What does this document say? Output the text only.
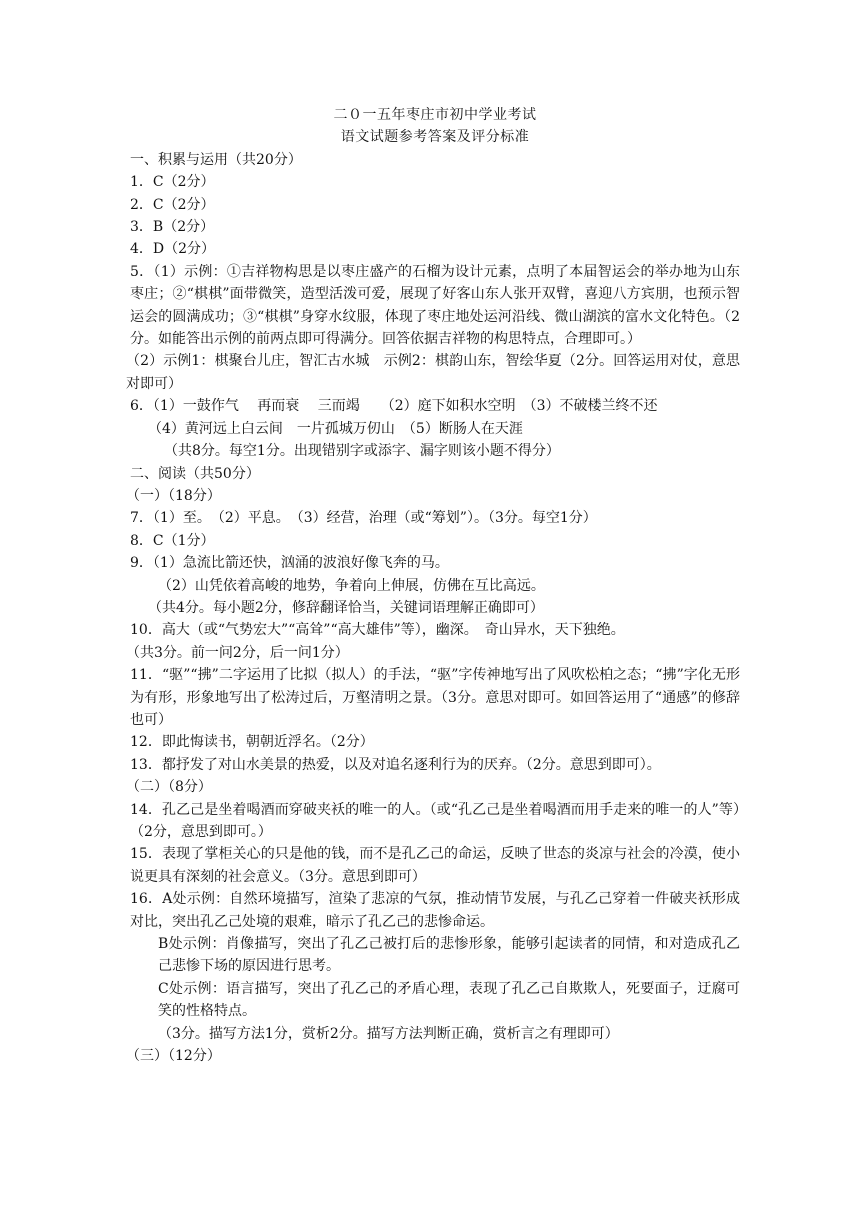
二０一五年枣庄市初中学业考试
语文试题参考答案及评分标准
一、积累与运用（共20分）
1．C（2分）
2．C（2分）
3．B（2分）
4．D（2分）
5．（1）示例：①吉祥物构思是以枣庄盛产的石榴为设计元素，点明了本届智运会的举办地为山东枣庄；②“棋棋”面带微笑，造型活泼可爱，展现了好客山东人张开双臂，喜迎八方宾朋，也预示智运会的圆满成功；③“棋棋”身穿水纹服，体现了枣庄地处运河沿线、微山湖滨的富水文化特色。（2分。如能答出示例的前两点即可得满分。回答依据吉祥物的构思特点，合理即可。）
（2）示例1：棋聚台儿庄，智汇古水城　示例2：棋韵山东，智绘华夏（2分。回答运用对仗，意思对即可）
6．（1）一鼓作气　 再而衰　 三而竭　　（2）庭下如积水空明　（3）不破楼兰终不还
（4）黄河远上白云间　一片孤城万仞山　（5）断肠人在天涯
（共8分。每空1分。出现错别字或添字、漏字则该小题不得分）
二、阅读（共50分）
（一）（18分）
7．（1）至。　（2）平息。　（3）经营，治理（或“筹划”）。（3分。每空1分）
8．C（1分）
9．（1）急流比箭还快，汹涌的波浪好像飞奔的马。
（2）山凭依着高峻的地势，争着向上伸展，仿佛在互比高远。
（共4分。每小题2分，修辞翻译恰当，关键词语理解正确即可）
10．高大（或“气势宏大”“高耸”“高大雄伟”等），幽深。　奇山异水，天下独绝。
（共3分。前一问2分，后一问1分）
11．“驱”“拂”二字运用了比拟（拟人）的手法，“驱”字传神地写出了风吹松柏之态；“拂”字化无形为有形，形象地写出了松涛过后，万壑清明之景。（3分。意思对即可。如回答运用了“通感”的修辞也可）
12．即此悔读书，朝朝近浮名。（2分）
13．都抒发了对山水美景的热爱，以及对追名逐利行为的厌弃。（2分。意思到即可）。
（二）（8分）
14．孔乙己是坐着喝酒而穿破夹袄的唯一的人。（或“孔乙己是坐着喝酒而用手走来的唯一的人”等）（2分，意思到即可。）
15．表现了掌柜关心的只是他的钱，而不是孔乙己的命运，反映了世态的炎凉与社会的冷漠，使小说更具有深刻的社会意义。（3分。意思到即可）
16．A处示例：自然环境描写，渲染了悲凉的气氛，推动情节发展，与孔乙己穿着一件破夹袄形成对比，突出孔乙己处境的艰难，暗示了孔乙己的悲惨命运。
B处示例：肖像描写，突出了孔乙己被打后的悲惨形象，能够引起读者的同情，和对造成孔乙己悲惨下场的原因进行思考。
C处示例：语言描写，突出了孔乙己的矛盾心理，表现了孔乙己自欺欺人，死要面子，迂腐可笑的性格特点。
（3分。描写方法1分，赏析2分。描写方法判断正确，赏析言之有理即可）
（三）（12分）
